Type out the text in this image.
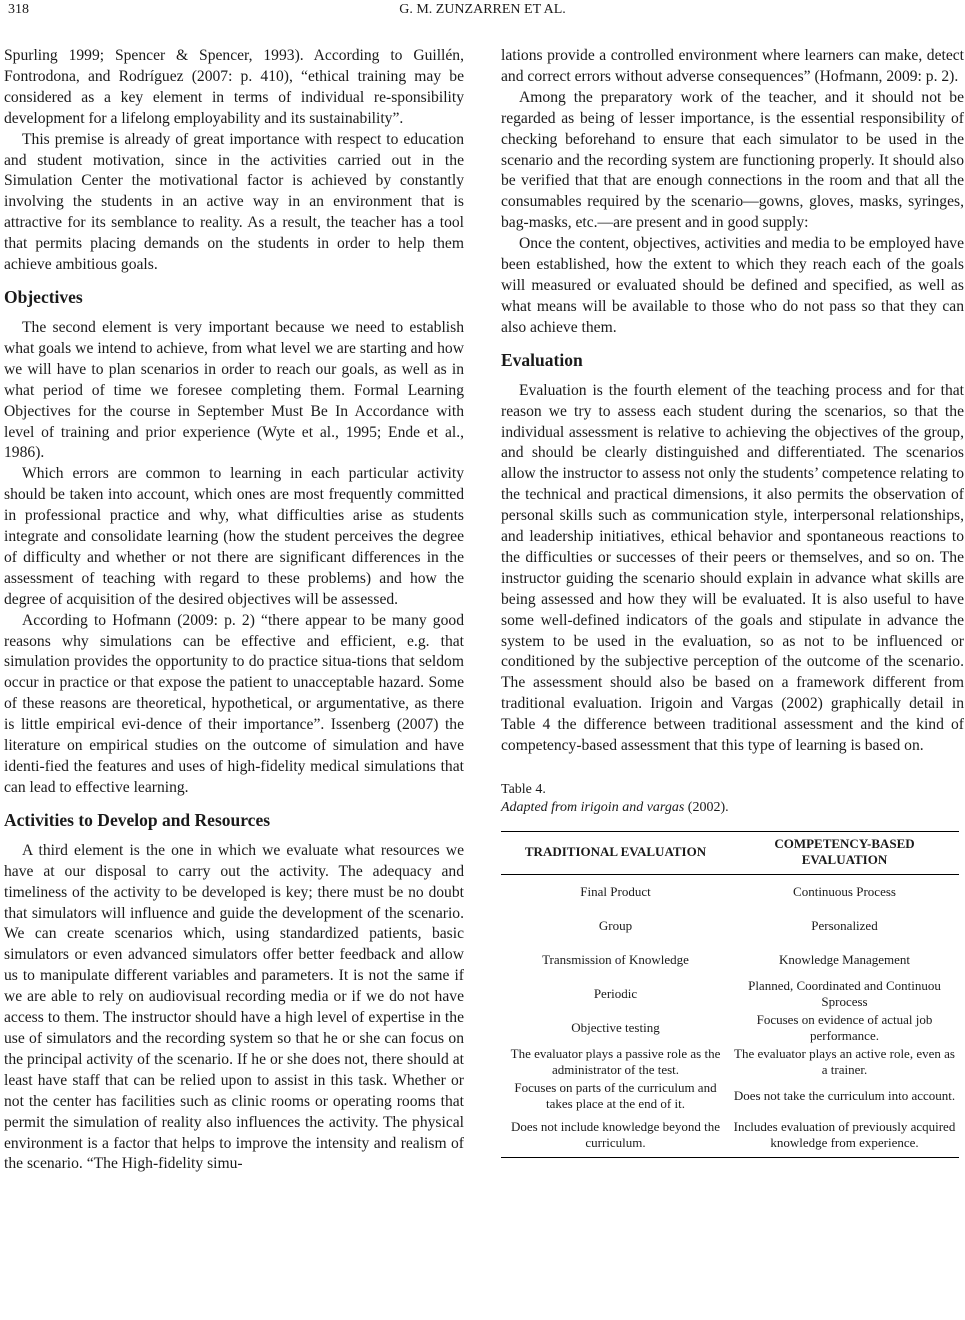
318	G. M. ZUNZARREN ET AL.

Spurling 1999; Spencer & Spencer, 1993). According to Guillén, Fontrodona, and Rodríguez (2007: p. 410), “ethical training may be considered as a key element in terms of individual re-sponsibility development for a lifelong employability and its sustainability”.

This premise is already of great importance with respect to education and student motivation, since in the activities carried out in the Simulation Center the motivational factor is achieved by constantly involving the students in an active way in an environment that is attractive for its semblance to reality. As a result, the teacher has a tool that permits placing demands on the students in order to help them achieve ambitious goals.

Objectives

The second element is very important because we need to establish what goals we intend to achieve, from what level we are starting and how we will have to plan scenarios in order to reach our goals, as well as in what period of time we foresee completing them. Formal Learning Objectives for the course in September Must Be In Accordance with level of training and prior experience (Wyte et al., 1995; Ende et al., 1986).

Which errors are common to learning in each particular activity should be taken into account, which ones are most frequently committed in professional practice and why, what difficulties arise as students integrate and consolidate learning (how the student perceives the degree of difficulty and whether or not there are significant differences in the assessment of teaching with regard to these problems) and how the degree of acquisition of the desired objectives will be assessed.

According to Hofmann (2009: p. 2) “there appear to be many good reasons why simulations can be effective and efficient, e.g. that simulation provides the opportunity to do practice situa-tions that seldom occur in practice or that expose the patient to unacceptable hazard. Some of these reasons are theoretical, hypothetical, or argumentative, as there is little empirical evi-dence of their importance”. Issenberg (2007) the literature on empirical studies on the outcome of simulation and have identi-fied the features and uses of high-fidelity medical simulations that can lead to effective learning.

Activities to Develop and Resources

A third element is the one in which we evaluate what resources we have at our disposal to carry out the activity. The adequacy and timeliness of the activity to be developed is key; there must be no doubt that simulators will influence and guide the development of the scenario. We can create scenarios which, using standardized patients, basic simulators or even advanced simulators offer better feedback and allow us to manipulate different variables and parameters. It is not the same if we are able to rely on audiovisual recording media or if we do not have access to them. The instructor should have a high level of expertise in the use of simulators and the recording system so that he or she can focus on the principal activity of the scenario. If he or she does not, there should at least have staff that can be relied upon to assist in this task. Whether or not the center has facilities such as clinic rooms or operating rooms that permit the simulation of reality also influences the activity. The physical environment is a factor that helps to improve the intensity and realism of the scenario. “The High-fidelity simu-

lations provide a controlled environment where learners can make, detect and correct errors without adverse consequences” (Hofmann, 2009: p. 2).

Among the preparatory work of the teacher, and it should not be regarded as being of lesser importance, is the essential responsibility of checking beforehand to ensure that each simulator to be used in the scenario and the recording system are functioning properly. It should also be verified that that are enough connections in the room and that all the consumables required by the scenario—gowns, gloves, masks, syringes, bag-masks, etc.—are present and in good supply:

Once the content, objectives, activities and media to be employed have been established, how the extent to which they reach each of the goals will measured or evaluated should be defined and specified, as well as what means will be available to those who do not pass so that they can also achieve them.

Evaluation

Evaluation is the fourth element of the teaching process and for that reason we try to assess each student during the scenarios, so that the individual assessment is relative to achieving the objectives of the group, and should be clearly distinguished and differentiated. The scenarios allow the instructor to assess not only the students’ competence relating to the technical and practical dimensions, it also permits the observation of personal skills such as communication style, interpersonal relationships, and leadership initiatives, ethical behavior and spontaneous reactions to the difficulties or successes of their peers or themselves, and so on. The instructor guiding the scenario should explain in advance what skills are being assessed and how they will be evaluated. It is also useful to have some well-defined indicators of the goals and stipulate in advance the system to be used in the evaluation, so as not to be influenced or conditioned by the subjective perception of the outcome of the scenario. The assessment should also be based on a framework different from traditional evaluation. Irigoin and Vargas (2002) graphically detail in Table 4 the difference between traditional assessment and the kind of competency-based assessment that this type of learning is based on.

Table 4.
Adapted from irigoin and vargas (2002).
TRADITIONAL EVALUATION	COMPETENCY-BASED EVALUATION
Final Product	Continuous Process
Group	Personalized
Transmission of Knowledge	Knowledge Management
Periodic	Planned, Coordinated and Continuou Sprocess
Objective testing	Focuses on evidence of actual job performance.
The evaluator plays a passive role as the administrator of the test.	The evaluator plays an active role, even as a trainer.
Focuses on parts of the curriculum and takes place at the end of it.	Does not take the curriculum into account.
Does not include knowledge beyond the curriculum.	Includes evaluation of previously acquired knowledge from experience.
